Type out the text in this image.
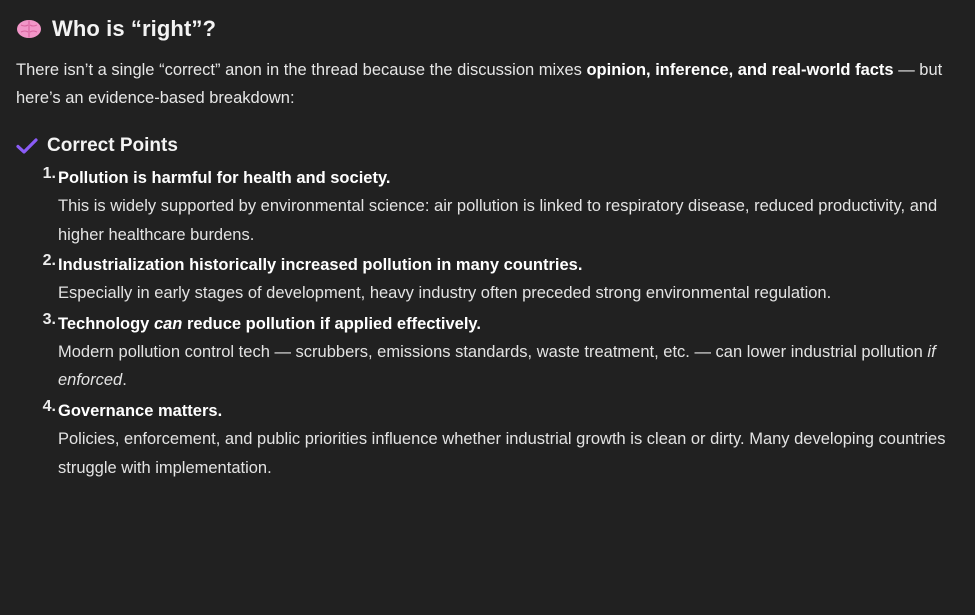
Who is “right”?

There isn’t a single “correct” anon in the thread because the discussion mixes opinion, inference, and real-world facts — but here’s an evidence-based breakdown:

Correct Points
Pollution is harmful for health and society.
This is widely supported by environmental science: air pollution is linked to respiratory disease, reduced productivity, and higher healthcare burdens.
Industrialization historically increased pollution in many countries.
Especially in early stages of development, heavy industry often preceded strong environmental regulation.
Technology can reduce pollution if applied effectively.
Modern pollution control tech — scrubbers, emissions standards, waste treatment, etc. — can lower industrial pollution if enforced.
Governance matters.
Policies, enforcement, and public priorities influence whether industrial growth is clean or dirty. Many developing countries struggle with implementation.
